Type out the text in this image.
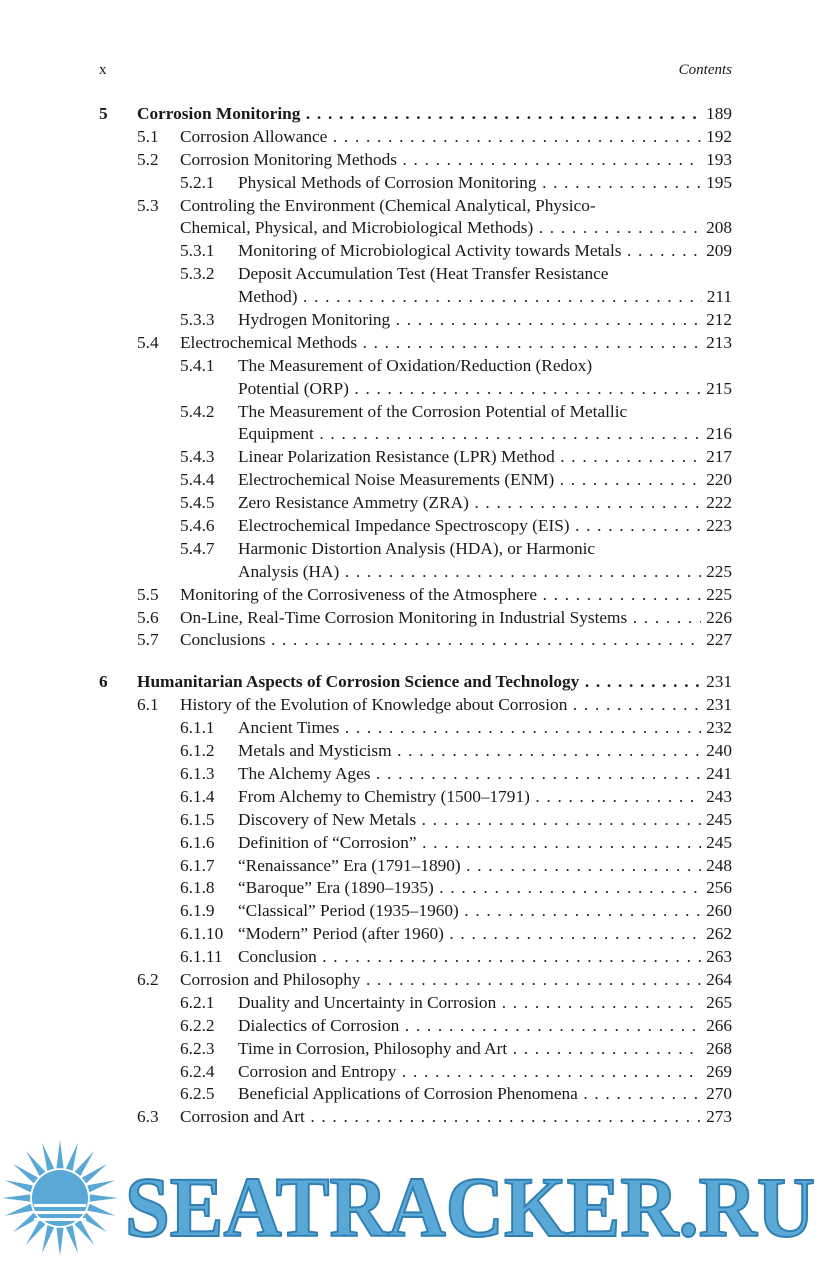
x	Contents
5 Corrosion Monitoring . . .	189
5.1 Corrosion Allowance . . .	192
5.2 Corrosion Monitoring Methods . . .	193
5.2.1 Physical Methods of Corrosion Monitoring . . .	195
5.3 Controling the Environment (Chemical Analytical, Physico-
Chemical, Physical, and Microbiological Methods) . . .	208
5.3.1 Monitoring of Microbiological Activity towards Metals . . .	209
5.3.2 Deposit Accumulation Test (Heat Transfer Resistance
Method) . . .	211
5.3.3 Hydrogen Monitoring . . .	212
5.4 Electrochemical Methods . . .	213
5.4.1 The Measurement of Oxidation/Reduction (Redox)
Potential (ORP) . . .	215
5.4.2 The Measurement of the Corrosion Potential of Metallic
Equipment . . .	216
5.4.3 Linear Polarization Resistance (LPR) Method . . .	217
5.4.4 Electrochemical Noise Measurements (ENM) . . .	220
5.4.5 Zero Resistance Ammetry (ZRA) . . .	222
5.4.6 Electrochemical Impedance Spectroscopy (EIS) . . .	223
5.4.7 Harmonic Distortion Analysis (HDA), or Harmonic
Analysis (HA) . . .	225
5.5 Monitoring of the Corrosiveness of the Atmosphere . . .	225
5.6 On-Line, Real-Time Corrosion Monitoring in Industrial Systems . . .	226
5.7 Conclusions . . .	227
6 Humanitarian Aspects of Corrosion Science and Technology . . .	231
6.1 History of the Evolution of Knowledge about Corrosion . . .	231
6.1.1 Ancient Times . . .	232
6.1.2 Metals and Mysticism . . .	240
6.1.3 The Alchemy Ages . . .	241
6.1.4 From Alchemy to Chemistry (1500–1791) . . .	243
6.1.5 Discovery of New Metals . . .	245
6.1.6 Definition of “Corrosion” . . .	245
6.1.7 “Renaissance” Era (1791–1890) . . .	248
6.1.8 “Baroque” Era (1890–1935) . . .	256
6.1.9 “Classical” Period (1935–1960) . . .	260
6.1.10 “Modern” Period (after 1960) . . .	262
6.1.11 Conclusion . . .	263
6.2 Corrosion and Philosophy . . .	264
6.2.1 Duality and Uncertainty in Corrosion . . .	265
6.2.2 Dialectics of Corrosion . . .	266
6.2.3 Time in Corrosion, Philosophy and Art . . .	268
6.2.4 Corrosion and Entropy . . .	269
6.2.5 Beneficial Applications of Corrosion Phenomena . . .	270
6.3 Corrosion and Art . . .	273
SEATRACKER.RU
